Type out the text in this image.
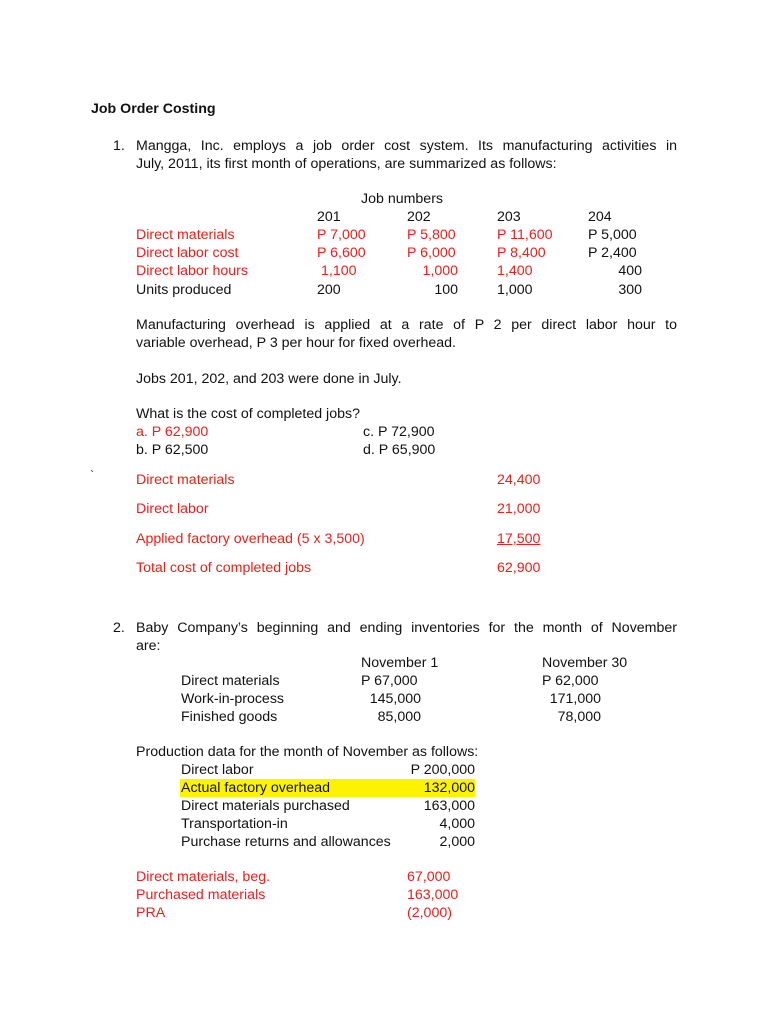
Job Order Costing
1. Mangga, Inc. employs a job order cost system. Its manufacturing activities in
July, 2011, its first month of operations, are summarized as follows:
Job numbers
201	202	203	204
Direct materials	P 7,000	P 5,800	P 11,600	P 5,000
Direct labor cost	P 6,600	P 6,000	P 8,400	P 2,400
Direct labor hours	1,100	1,000	1,400	400
Units produced	200	100	1,000	300
Manufacturing overhead is applied at a rate of P 2 per direct labor hour to
variable overhead, P 3 per hour for fixed overhead.
Jobs 201, 202, and 203 were done in July.
What is the cost of completed jobs?
a. P 62,900	c. P 72,900
b. P 62,500	d. P 65,900
`	Direct materials	24,400
Direct labor	21,000
Applied factory overhead (5 x 3,500)	17,500
Total cost of completed jobs	62,900
2. Baby Company’s beginning and ending inventories for the month of November
are:
November 1	November 30
Direct materials	P 67,000	P 62,000
Work-in-process	145,000	171,000
Finished goods	85,000	78,000
Production data for the month of November as follows:
Direct labor	P 200,000
Actual factory overhead	132,000
Direct materials purchased	163,000
Transportation-in	4,000
Purchase returns and allowances	2,000
Direct materials, beg.	67,000
Purchased materials	163,000
PRA	(2,000)
